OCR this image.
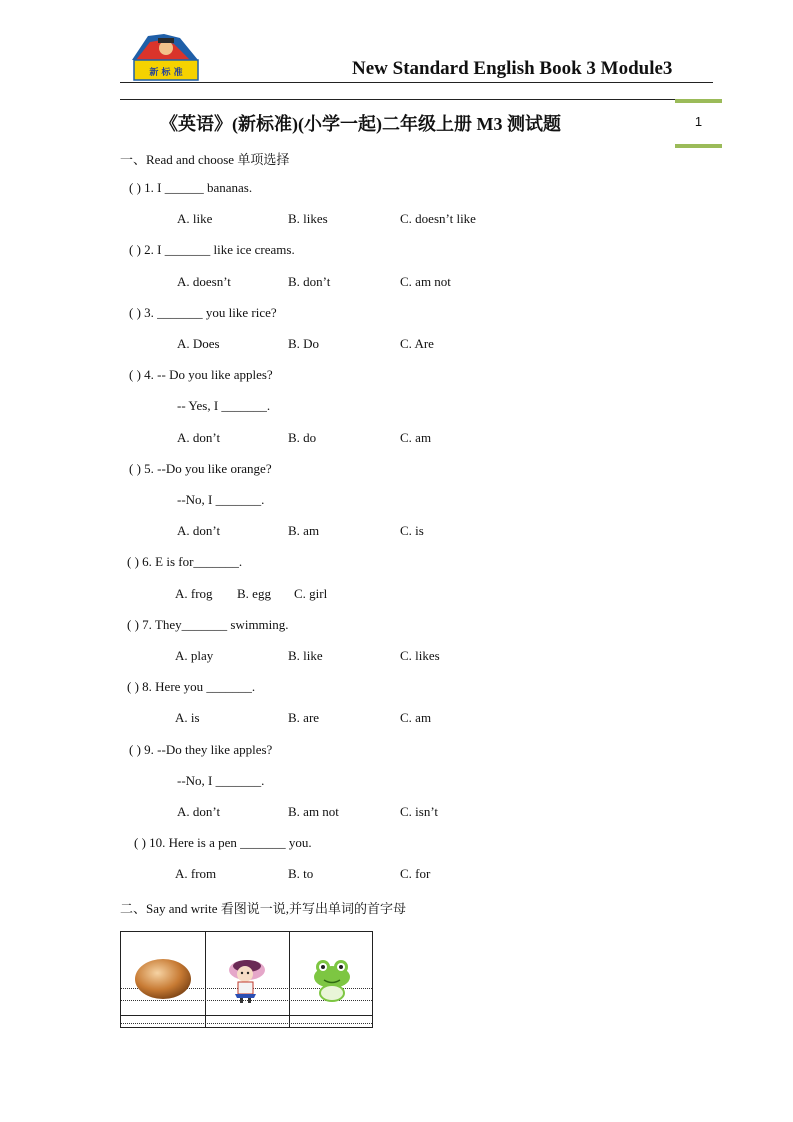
新 标 准	New Standard English Book 3 Module3
1
《英语》(新标准)(小学一起)二年级上册 M3 测试题
一、Read and choose 单项选择
( ) 1. I ______ bananas.
A. like	B. likes	C. doesn’t like
( ) 2. I _______ like ice creams.
A. doesn’t	B. don’t	C. am not
( ) 3. _______ you like rice?
A. Does	B. Do	C. Are
( ) 4. -- Do you like apples?
-- Yes, I _______.
A. don’t	B. do	C. am
( ) 5. --Do you like orange?
--No, I _______.
A. don’t	B. am	C. is
( ) 6. E is for_______.
A. frog B. egg C. girl
( ) 7. They_______ swimming.
A. play	B. like	C. likes
( ) 8. Here you _______.
A. is	B. are	C. am
( ) 9. --Do they like apples?
--No, I _______.
A. don’t	B. am not	C. isn’t
( ) 10. Here is a pen _______ you.
A. from	B. to	C. for
二、Say and write 看图说一说,并写出单词的首字母
